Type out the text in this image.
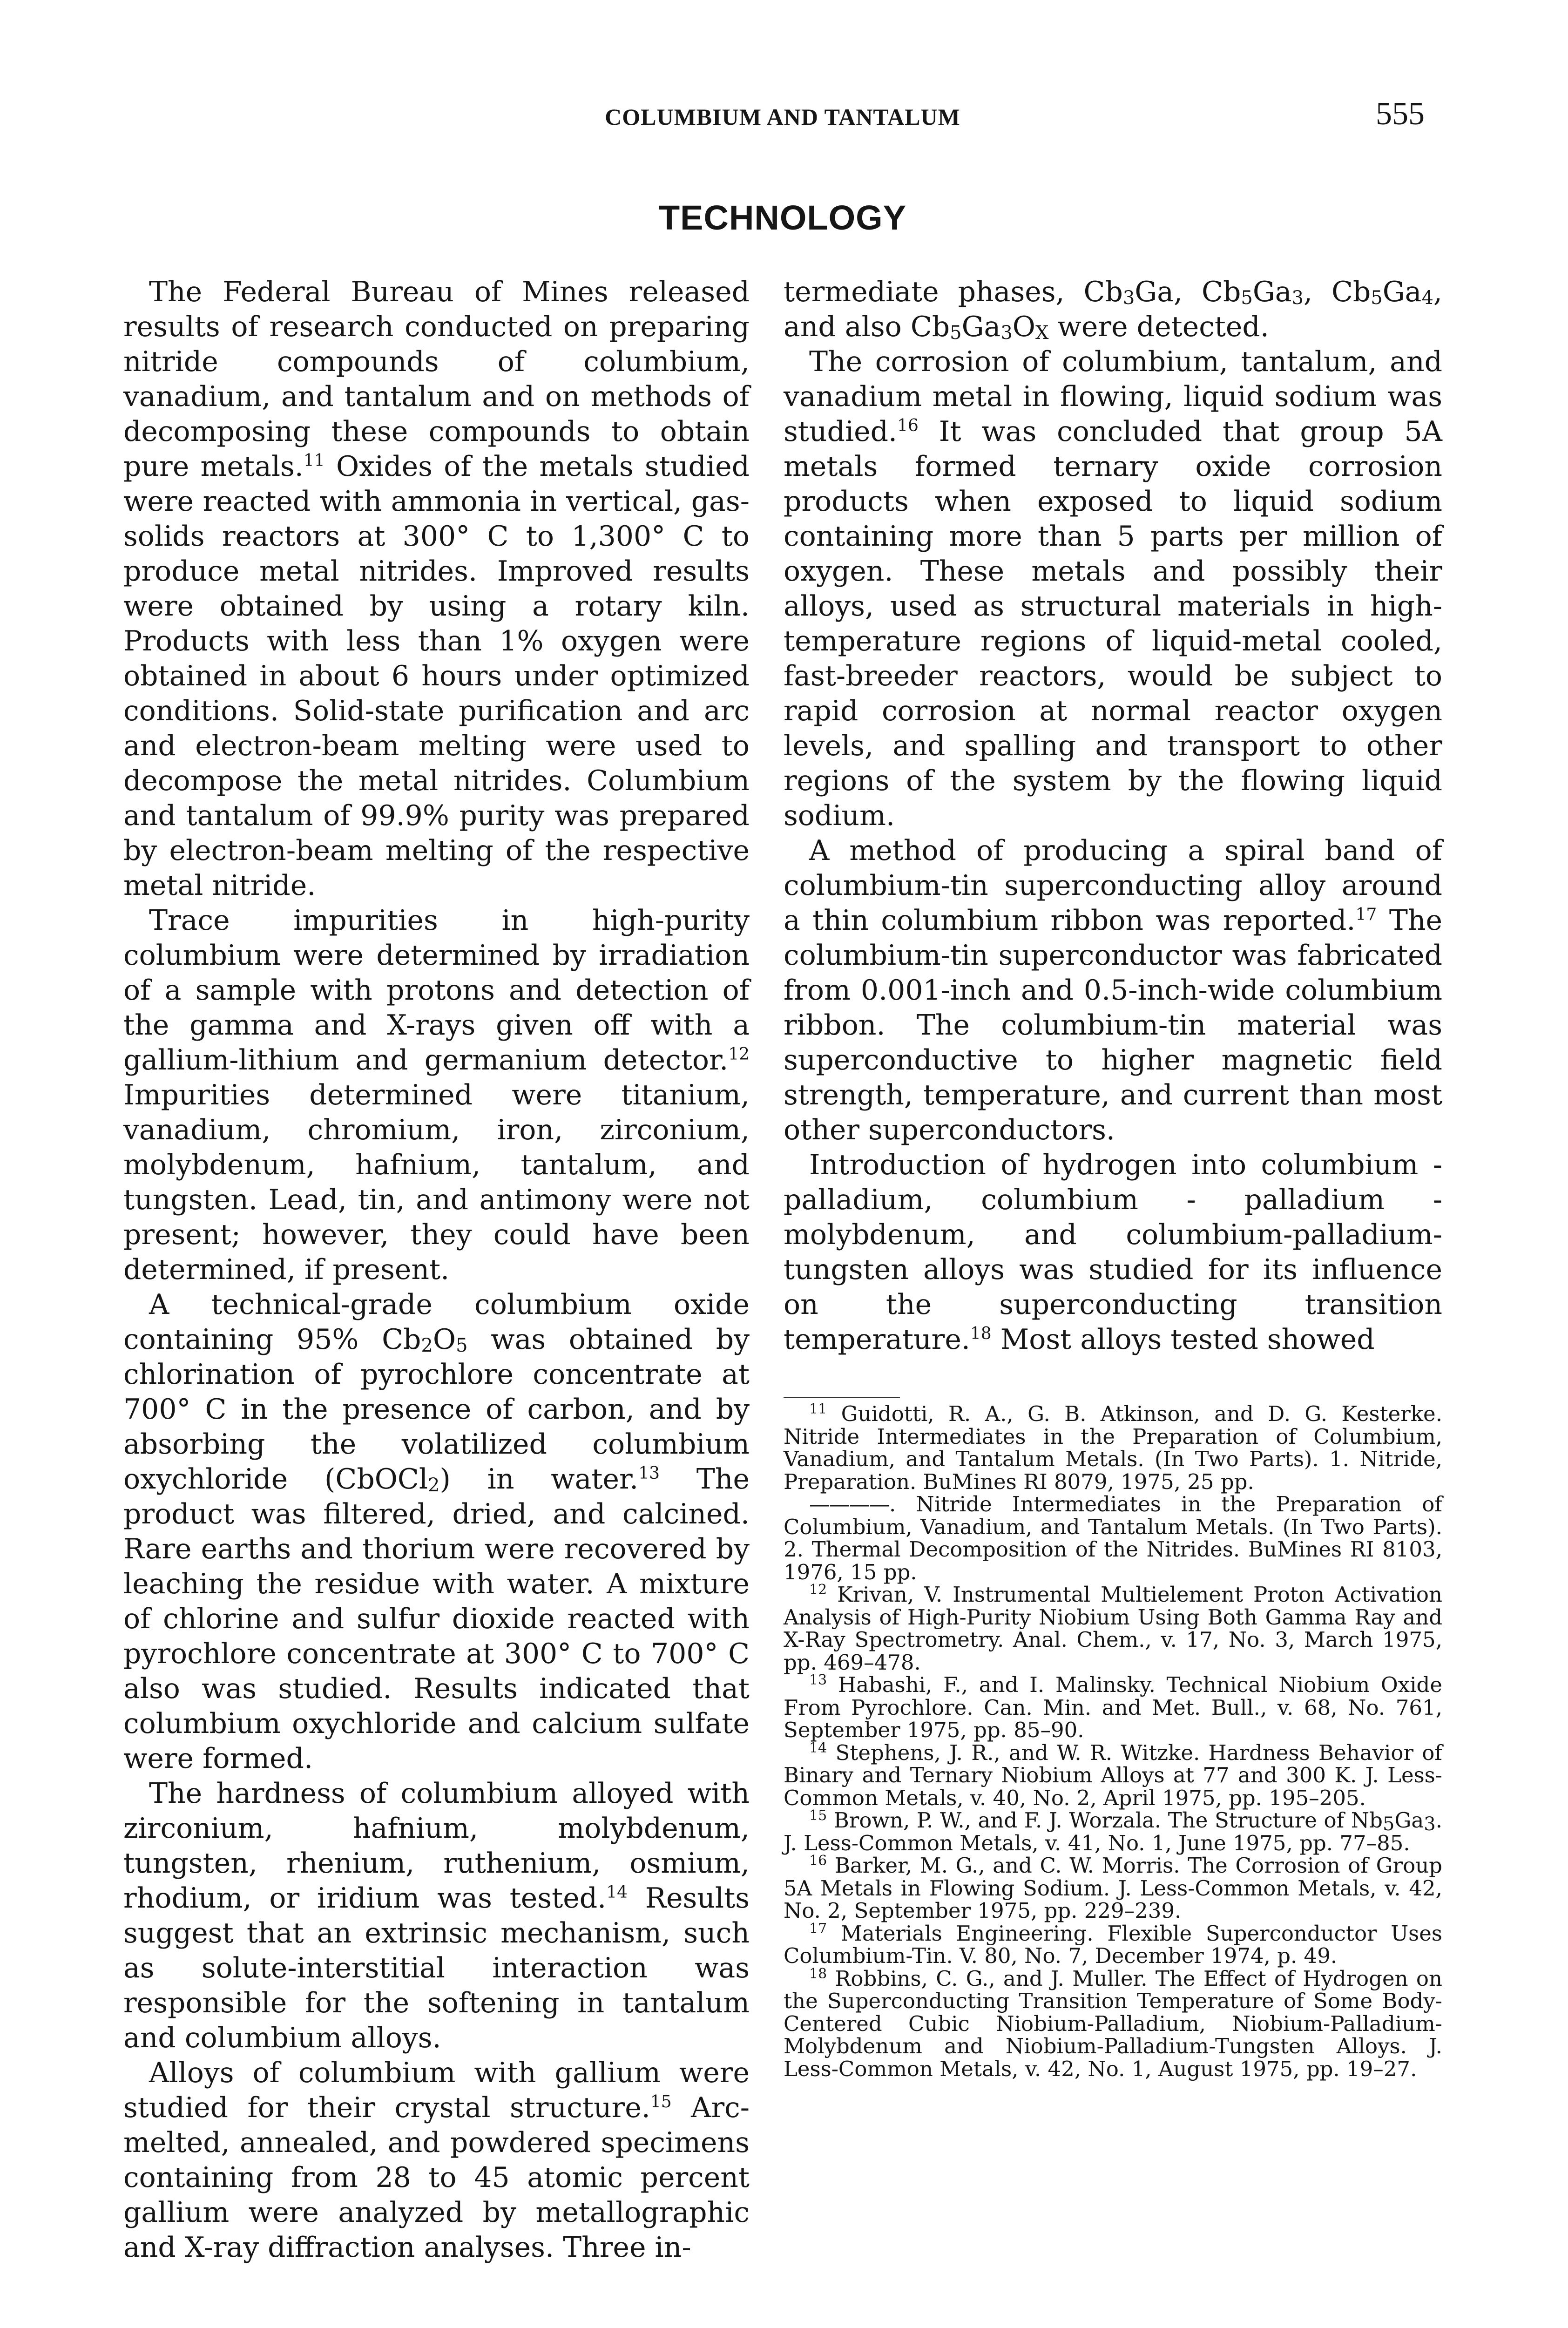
COLUMBIUM AND TANTALUM	555
TECHNOLOGY

The Federal Bureau of Mines released results of research conducted on preparing nitride compounds of columbium, vanadium, and tantalum and on methods of decomposing these compounds to obtain pure metals.$^{11}$ Oxides of the metals studied were reacted with ammonia in vertical, gas-solids reactors at 300° C to 1,300° C to produce metal nitrides. Improved results were obtained by using a rotary kiln. Products with less than 1% oxygen were obtained in about 6 hours under optimized conditions. Solid-state purification and arc and electron-beam melting were used to decompose the metal nitrides. Columbium and tantalum of 99.9% purity was prepared by electron-beam melting of the respective metal nitride.

Trace impurities in high-purity columbium were determined by irradiation of a sample with protons and detection of the gamma and X-rays given off with a gallium-lithium and germanium detector.$^{12}$ Impurities determined were titanium, vanadium, chromium, iron, zirconium, molybdenum, hafnium, tantalum, and tungsten. Lead, tin, and antimony were not present; however, they could have been determined, if present.

A technical-grade columbium oxide containing 95% $Cb_2O_5$ was obtained by chlorination of pyrochlore concentrate at 700° C in the presence of carbon, and by absorbing the volatilized columbium oxychloride (CbOCl$_2$) in water.$^{13}$ The product was filtered, dried, and calcined. Rare earths and thorium were recovered by leaching the residue with water. A mixture of chlorine and sulfur dioxide reacted with pyrochlore concentrate at 300° C to 700° C also was studied. Results indicated that columbium oxychloride and calcium sulfate were formed.

The hardness of columbium alloyed with zirconium, hafnium, molybdenum, tungsten, rhenium, ruthenium, osmium, rhodium, or iridium was tested.$^{14}$ Results suggest that an extrinsic mechanism, such as solute-interstitial interaction was responsible for the softening in tantalum and columbium alloys.

Alloys of columbium with gallium were studied for their crystal structure.$^{15}$ Arc-melted, annealed, and powdered specimens containing from 28 to 45 atomic percent gallium were analyzed by metallographic and X-ray diffraction analyses. Three in-

termediate phases, $Cb_3Ga$, $Cb_5Ga_3$, $Cb_5Ga_4$, and also $Cb_5Ga_3O_X$ were detected.

The corrosion of columbium, tantalum, and vanadium metal in flowing, liquid sodium was studied.$^{16}$ It was concluded that group 5A metals formed ternary oxide corrosion products when exposed to liquid sodium containing more than 5 parts per million of oxygen. These metals and possibly their alloys, used as structural materials in high-temperature regions of liquid-metal cooled, fast-breeder reactors, would be subject to rapid corrosion at normal reactor oxygen levels, and spalling and transport to other regions of the system by the flowing liquid sodium.

A method of producing a spiral band of columbium-tin superconducting alloy around a thin columbium ribbon was reported.$^{17}$ The columbium-tin superconductor was fabricated from 0.001-inch and 0.5-inch-wide columbium ribbon. The columbium-tin material was superconductive to higher magnetic field strength, temperature, and current than most other superconductors.

Introduction of hydrogen into columbium - palladium, columbium - palladium - molybdenum, and columbium-palladium-tungsten alloys was studied for its influence on the superconducting transition temperature.$^{18}$ Most alloys tested showed

$^{11}$ Guidotti, R. A., G. B. Atkinson, and D. G. Kesterke. Nitride Intermediates in the Preparation of Columbium, Vanadium, and Tantalum Metals. (In Two Parts). 1. Nitride, Preparation. BuMines RI 8079, 1975, 25 pp.

————. Nitride Intermediates in the Preparation of Columbium, Vanadium, and Tantalum Metals. (In Two Parts). 2. Thermal Decomposition of the Nitrides. BuMines RI 8103, 1976, 15 pp.

$^{12}$ Krivan, V. Instrumental Multielement Proton Activation Analysis of High-Purity Niobium Using Both Gamma Ray and X-Ray Spectrometry. Anal. Chem., v. 17, No. 3, March 1975, pp. 469–478.

$^{13}$ Habashi, F., and I. Malinsky. Technical Niobium Oxide From Pyrochlore. Can. Min. and Met. Bull., v. 68, No. 761, September 1975, pp. 85–90.

$^{14}$ Stephens, J. R., and W. R. Witzke. Hardness Behavior of Binary and Ternary Niobium Alloys at 77 and 300 K. J. Less-Common Metals, v. 40, No. 2, April 1975, pp. 195–205.

$^{15}$ Brown, P. W., and F. J. Worzala. The Structure of $Nb_5Ga_3$. J. Less-Common Metals, v. 41, No. 1, June 1975, pp. 77–85.

$^{16}$ Barker, M. G., and C. W. Morris. The Corrosion of Group 5A Metals in Flowing Sodium. J. Less-Common Metals, v. 42, No. 2, September 1975, pp. 229–239.

$^{17}$ Materials Engineering. Flexible Superconductor Uses Columbium-Tin. V. 80, No. 7, December 1974, p. 49.

$^{18}$ Robbins, C. G., and J. Muller. The Effect of Hydrogen on the Superconducting Transition Temperature of Some Body-Centered Cubic Niobium-Palladium, Niobium-Palladium-Molybdenum and Niobium-Palladium-Tungsten Alloys. J. Less-Common Metals, v. 42, No. 1, August 1975, pp. 19–27.
